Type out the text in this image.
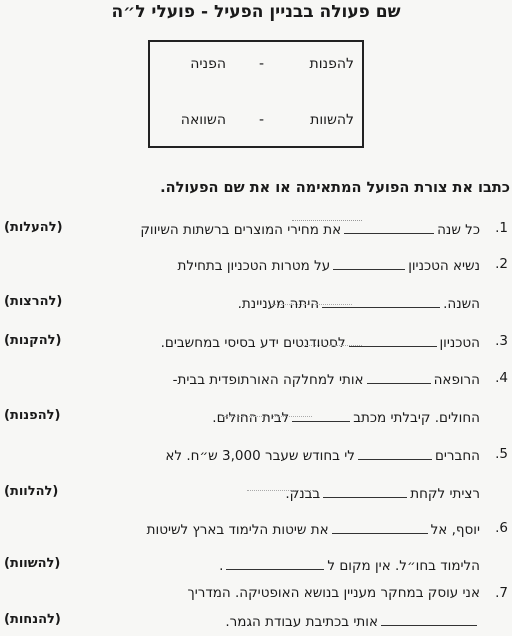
שם פעולה בבניין הפעיל - פועלי ל״ה
להפנות
-
הפניה
להשוות
-
השוואה
כתבו את צורת הפועל המתאימה או את שם הפעולה.
1.
כל שנהאת מחירי המוצרים ברשתות השיווק
(להעלות)
2.
נשיא הטכניוןעל מטרות הטכניון בתחילת
השנה.היתה מעניינת.
(להרצות)
3.
הטכניוןלסטודנטים ידע בסיסי במחשבים.
(להקנות)
4.
הרופאהאותי למחלקה האורתופדית בבית-
החולים. קיבלתי מכתבלבית החולים.
(להפנות)
5.
החבריםלי בחודש שעבר 3,000 ש״ח. לא
רציתי לקחתבבנק.
(להלוות)
6.
יוסף, אלאת שיטות הלימוד בארץ לשיטות
הלימוד בחו״ל. אין מקום ל.
(להשוות)
7.
אני עוסק במחקר מעניין בנושא האופטיקה. המדריך
אותי בכתיבת עבודת הגמר.
(להנחות)
